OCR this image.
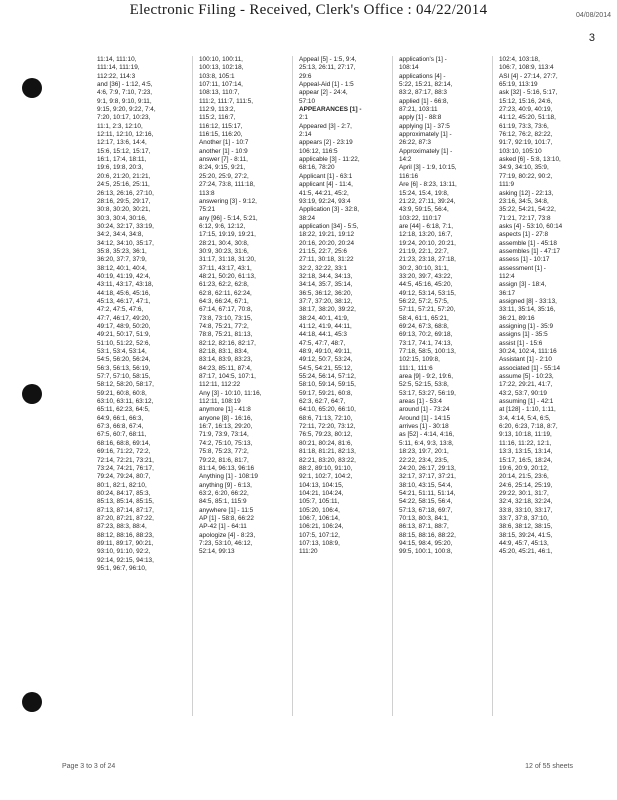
Electronic Filing - Received, Clerk's Office : 04/22/2014	04/08/2014
3
11:14, 111:10,
111:14, 111:19,
112:22, 114:3
and [36] - 1:12, 4:5,
4:6, 7:9, 7:10, 7:23,
9:1, 9:8, 9:10, 9:11,
9:15, 9:20, 9:22, 7:4,
7:20, 10:17, 10:23,
11:1, 2:3, 12:10,
12:11, 12:10, 12:16,
12:17, 13:6, 14:4,
15:6, 15:12, 15:17,
16:1, 17:4, 18:11,
19:6, 19:8, 20:3,
20:6, 21:20, 21:21,
24:5, 25:16, 25:11,
26:13, 26:16, 27:10,
28:16, 29:5, 29:17,
30:8, 30:20, 30:21,
30:3, 30:4, 30:16,
30:24, 32:17, 33:19,
34:2, 34:4, 34:8,
34:12, 34:10, 35:17,
35:8, 35:23, 36:1,
36:20, 37:7, 37:9,
38:12, 40:1, 40:4,
40:19, 41:19, 42:4,
43:11, 43:17, 43:18,
44:18, 45:6, 45:16,
45:13, 46:17, 47:1,
47:2, 47:5, 47:6,
47:7, 46:17, 49:20,
49:17, 48:9, 50:20,
49:21, 50:17, 51:9,
51:10, 51:22, 52:6,
53:1, 53:4, 53:14,
54:5, 56:20, 56:24,
56:3, 56:13, 56:19,
57:7, 57:10, 58:15,
58:12, 58:20, 58:17,
59:21, 60:8, 60:8,
63:10, 63:11, 63:12,
65:11, 62:23, 64:5,
64:9, 66:1, 66:3,
67:3, 66:8, 67:4,
67:5, 60:7, 68:11,
68:16, 68:8, 69:14,
69:16, 71:22, 72:2,
72:14, 72:21, 73:21,
73:24, 74:21, 76:17,
79:24, 79:24, 80:7,
80:1, 82:1, 82:10,
80:24, 84:17, 85:3,
85:13, 85:14, 85:15,
87:13, 87:14, 87:17,
87:20, 87:21, 87:22,
87:23, 88:3, 88:4,
88:12, 88:16, 88:23,
89:11, 89:17, 90:21,
93:10, 91:10, 92:2,
92:14, 92:15, 94:13,
95:1, 96:7, 96:10,
100:10, 100:11,
100:13, 102:18,
103:8, 105:1
107:11, 107:14,
108:13, 110:7,
111:2, 111:7, 111:5,
112:9, 113:2,
115:2, 116:7,
116:12, 115:17,
116:15, 116:20,
Another [1] - 10:7
another [1] - 10:9
answer [7] - 8:11,
8:24, 9:15, 9:21,
25:20, 25:9, 27:2,
27:24, 73:8, 111:18,
113:8
answering [3] - 9:12,
75:21
any [96] - 5:14, 5:21,
6:12, 9:6, 12:12,
17:15, 19:19, 19:21,
28:21, 30:4, 30:8,
30:9, 30:23, 31:6,
31:17, 31:18, 31:20,
37:11, 43:17, 43:1,
48:21, 50:20, 61:13,
61:23, 62:2, 62:8,
62:8, 62:11, 62:24,
64:3, 66:24, 67:1,
67:14, 67:17, 70:8,
73:8, 73:10, 73:15,
74:8, 75:21, 77:2,
78:8, 75:21, 81:13,
82:12, 82:16, 82:17,
82:18, 83:1, 83:4,
83:14, 83:9, 83:23,
84:23, 85:11, 87:4,
87:17, 104:5, 107:1,
112:11, 112:22
Any [3] - 10:10, 11:16,
112:11, 108:19
anymore [1] - 41:8
anyone [8] - 16:16,
16:7, 16:13, 29:20,
71:9, 73:9, 73:14,
74:2, 75:10, 75:13,
75:8, 75:23, 77:2,
79:22, 81:6, 81:7,
81:14, 96:13, 96:16
Anything [1] - 108:19
anything [9] - 6:13,
63:2, 6:20, 66:22,
84:5, 85:1, 115:9
anywhere [1] - 11:5
AP [1] - 58:8, 66:22
AP-42 [1] - 64:11
apologize [4] - 8:23,
7:23, 53:10, 46:12,
52:14, 99:13
Appeal [5] - 1:5, 9:4,
25:13, 26:11, 27:17,
29:6
Appeal-Aid [1] - 1:5
appear [2] - 24:4,
57:10
APPEARANCES [1] -
2:1
Appeared [3] - 2:7,
2:14
appears [2] - 23:19
106:12, 116:5
applicable [3] - 11:22,
68:16, 78:20
Applicant [1] - 63:1
applicant [4] - 11:4,
41:5, 44:21, 45:2,
93:19, 92:24, 93:4
Application [3] - 32:8,
38:24
application [34] - 5:5,
18:22, 19:21, 19:12
20:16, 20:20, 20:24
21:15, 22:7, 25:6
27:11, 30:18, 31:22
32:2, 32:22, 33:1
32:18, 34:4, 34:13,
34:14, 35:7, 35:14,
36:5, 36:12, 36:20,
37:7, 37:20, 38:12,
38:17, 38:20, 39:22,
38:24, 40:1, 41:9,
41:12, 41:9, 44:11,
44:18, 44:1, 45:3
47:5, 47:7, 48:7,
48:9, 49:10, 49:11,
49:12, 50:7, 53:24,
54:5, 54:21, 55:12,
55:24, 56:14, 57:12,
58:10, 59:14, 59:15,
59:17, 59:21, 60:8,
62:3, 62:7, 64:7,
64:10, 65:20, 66:10,
68:6, 71:13, 72:10,
72:11, 72:20, 73:12,
76:5, 79:23, 80:12,
80:21, 80:24, 81:6,
81:18, 81:21, 82:13,
82:21, 83:20, 83:22,
88:2, 89:10, 91:10,
92:1, 102:7, 104:2,
104:13, 104:15,
104:21, 104:24,
105:7, 105:11,
105:20, 106:4,
106:7, 106:14,
106:21, 106:24,
107:5, 107:12,
107:13, 108:9,
111:20
application's [1] -
108:14
applications [4] -
5:22, 15:21, 82:14,
83:2, 87:17, 88:3
applied [1] - 66:8,
87:21, 103:11
apply [1] - 88:8
applying [1] - 37:5
approximately [1] -
26:22, 87:3
Approximately [1] -
14:2
April [3] - 1:9, 10:15,
116:16
Are [6] - 8:23, 13:11,
15:24, 15:4, 19:8,
21:22, 27:11, 39:24,
43:9, 59:15, 56:4,
103:22, 110:17
are [44] - 6:18, 7:1,
12:18, 13:20, 16:7,
19:24, 20:10, 20:21,
21:19, 22:1, 22:7,
21:23, 23:18, 27:18,
30:2, 30:10, 31:1,
33:20, 39:7, 43:22,
44:5, 45:16, 45:20,
49:12, 53:14, 53:15,
56:22, 57:2, 57:5,
57:11, 57:21, 57:20,
58:4, 61:1, 65:21,
69:24, 67:3, 68:8,
69:13, 70:2, 69:18,
73:17, 74:1, 74:13,
77:18, 58:5, 100:13,
102:15, 109:8,
111:1, 111:6
area [9] - 9:2, 19:6,
52:5, 52:15, 53:8,
53:17, 53:27, 56:19,
areas [1] - 53:4
around [1] - 73:24
Around [1] - 14:15
arrives [1] - 30:18
as [52] - 4:14, 4:16,
5:11, 6:4, 9:3, 13:8,
18:23, 19:7, 20:1,
22:22, 23:4, 23:5,
24:20, 26:17, 29:13,
32:17, 37:17, 37:21,
38:10, 43:15, 54:4,
54:21, 51:11, 51:14,
54:22, 58:15, 56:4,
57:13, 67:18, 69:7,
70:13, 80:3, 84:1,
86:13, 87:1, 88:7,
88:15, 88:16, 88:22,
94:15, 98:4, 95:20,
99:5, 100:1, 100:8,
102:4, 103:18,
106:7, 108:9, 113:4
ASI [4] - 27:14, 27:7,
65:19, 113:19
ask [32] - 5:16, 5:17,
15:12, 15:16, 24:6,
27:23, 40:9, 40:19,
41:12, 45:20, 51:18,
61:19, 73:3, 73:6,
76:12, 76:2, 82:22,
91:7, 92:19, 101:7,
103:10, 105:10
asked [6] - 5:8, 13:10,
34:9, 34:10, 35:9,
77:19, 80:22, 90:2,
111:9
asking [12] - 22:13,
23:16, 34:5, 34:8,
35:22, 54:21, 54:22,
71:21, 72:17, 73:8
asks [4] - 53:10, 60:14
aspects [1] - 27:8
assemble [1] - 45:18
assembles [1] - 47:17
assess [1] - 10:17
assessment [1] -
112:4
assign [3] - 18:4,
36:17
assigned [8] - 33:13,
33:11, 35:14, 35:16,
36:21, 89:16
assigning [1] - 35:9
assigns [1] - 35:5
assist [1] - 15:6
30:24, 102:4, 111:16
Assistant [1] - 2:10
associated [1] - 55:14
assume [5] - 10:23,
17:22, 29:21, 41:7,
43:2, 53:7, 90:19
assuming [1] - 42:1
at [128] - 1:10, 1:11,
3:4, 4:14, 5:4, 6:5,
6:20, 6:23, 7:18, 8:7,
9:13, 10:18, 11:19,
11:16, 11:22, 12:1,
13:3, 13:15, 13:14,
15:17, 16:5, 18:24,
19:6, 20:9, 20:12,
20:14, 21:5, 23:6,
24:6, 25:14, 25:19,
29:22, 30:1, 31:7,
32:4, 32:18, 32:24,
33:8, 33:10, 33:17,
33:7, 37:8, 37:10,
38:6, 38:12, 38:15,
38:15, 39:24, 41:5,
44:9, 45:7, 45:13,
45:20, 45:21, 46:1,
Page 3 to 3 of 24	12 of 55 sheets
